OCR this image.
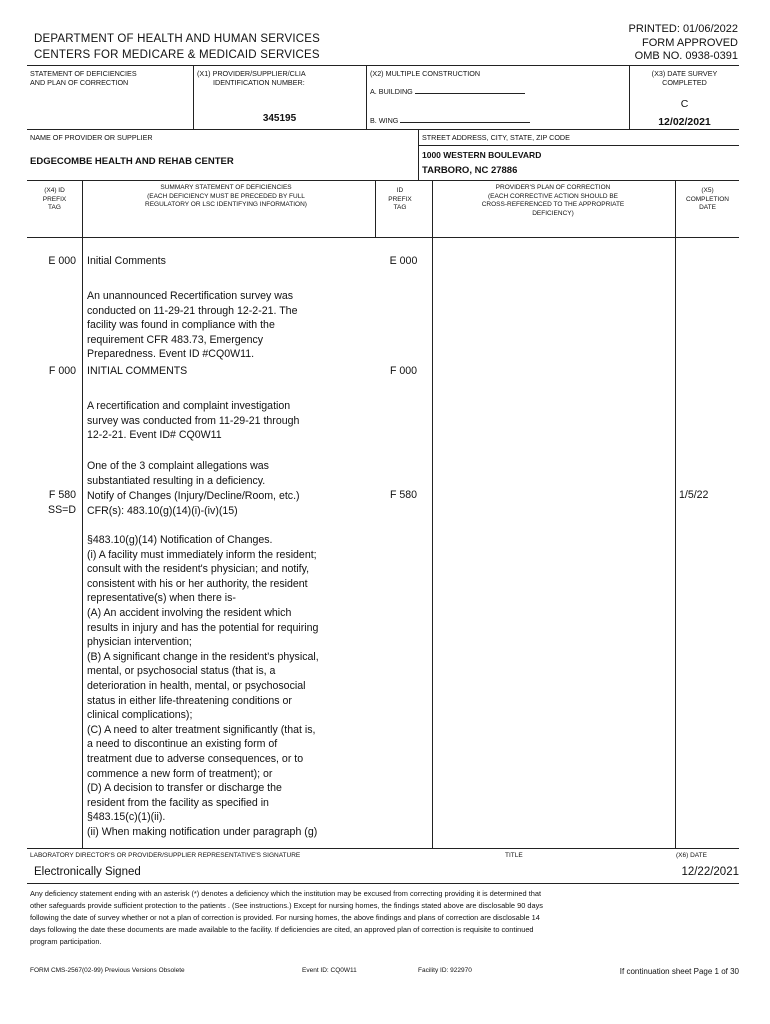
DEPARTMENT OF HEALTH AND HUMAN SERVICES
CENTERS FOR MEDICARE & MEDICAID SERVICES
PRINTED: 01/06/2022
FORM APPROVED
OMB NO. 0938-0391
STATEMENT OF DEFICIENCIES
AND PLAN OF CORRECTION
(X1) PROVIDER/SUPPLIER/CLIA
IDENTIFICATION NUMBER:
345195
(X2) MULTIPLE CONSTRUCTION
A. BUILDING
B. WING
(X3) DATE SURVEY
COMPLETED
C
12/02/2021
NAME OF PROVIDER OR SUPPLIER
EDGECOMBE HEALTH AND REHAB CENTER
STREET ADDRESS, CITY, STATE, ZIP CODE
1000 WESTERN BOULEVARD
TARBORO, NC 27886
(X4) ID
PREFIX
TAG
SUMMARY STATEMENT OF DEFICIENCIES
(EACH DEFICIENCY MUST BE PRECEDED BY FULL
REGULATORY OR LSC IDENTIFYING INFORMATION)
ID
PREFIX
TAG
PROVIDER'S PLAN OF CORRECTION
(EACH CORRECTIVE ACTION SHOULD BE
CROSS-REFERENCED TO THE APPROPRIATE
DEFICIENCY)
(X5)
COMPLETION
DATE
E 000 Initial Comments	E 000
An unannounced Recertification survey was
conducted on 11-29-21 through 12-2-21. The
facility was found in compliance with the
requirement CFR 483.73, Emergency
Preparedness. Event ID #CQ0W11.
F 000 INITIAL COMMENTS	F 000
A recertification and complaint investigation
survey was conducted from 11-29-21 through
12-2-21. Event ID# CQ0W11
One of the 3 complaint allegations was
substantiated resulting in a deficiency.
F 580
SS=D
Notify of Changes (Injury/Decline/Room, etc.)
CFR(s): 483.10(g)(14)(i)-(iv)(15)
F 580	1/5/22
§483.10(g)(14) Notification of Changes.
(i) A facility must immediately inform the resident;
consult with the resident's physician; and notify,
consistent with his or her authority, the resident
representative(s) when there is-
(A) An accident involving the resident which
results in injury and has the potential for requiring
physician intervention;
(B) A significant change in the resident's physical,
mental, or psychosocial status (that is, a
deterioration in health, mental, or psychosocial
status in either life-threatening conditions or
clinical complications);
(C) A need to alter treatment significantly (that is,
a need to discontinue an existing form of
treatment due to adverse consequences, or to
commence a new form of treatment); or
(D) A decision to transfer or discharge the
resident from the facility as specified in
§483.15(c)(1)(ii).
(ii) When making notification under paragraph (g)
LABORATORY DIRECTOR'S OR PROVIDER/SUPPLIER REPRESENTATIVE'S SIGNATURE	TITLE	(X6) DATE
Electronically Signed	12/22/2021
Any deficiency statement ending with an asterisk (*) denotes a deficiency which the institution may be excused from correcting providing it is determined that
other safeguards provide sufficient protection to the patients . (See instructions.) Except for nursing homes, the findings stated above are disclosable 90 days
following the date of survey whether or not a plan of correction is provided. For nursing homes, the above findings and plans of correction are disclosable 14
days following the date these documents are made available to the facility. If deficiencies are cited, an approved plan of correction is requisite to continued
program participation.
FORM CMS-2567(02-99) Previous Versions Obsolete	Event ID: CQ0W11	Facility ID: 922970	If continuation sheet Page 1 of 30
